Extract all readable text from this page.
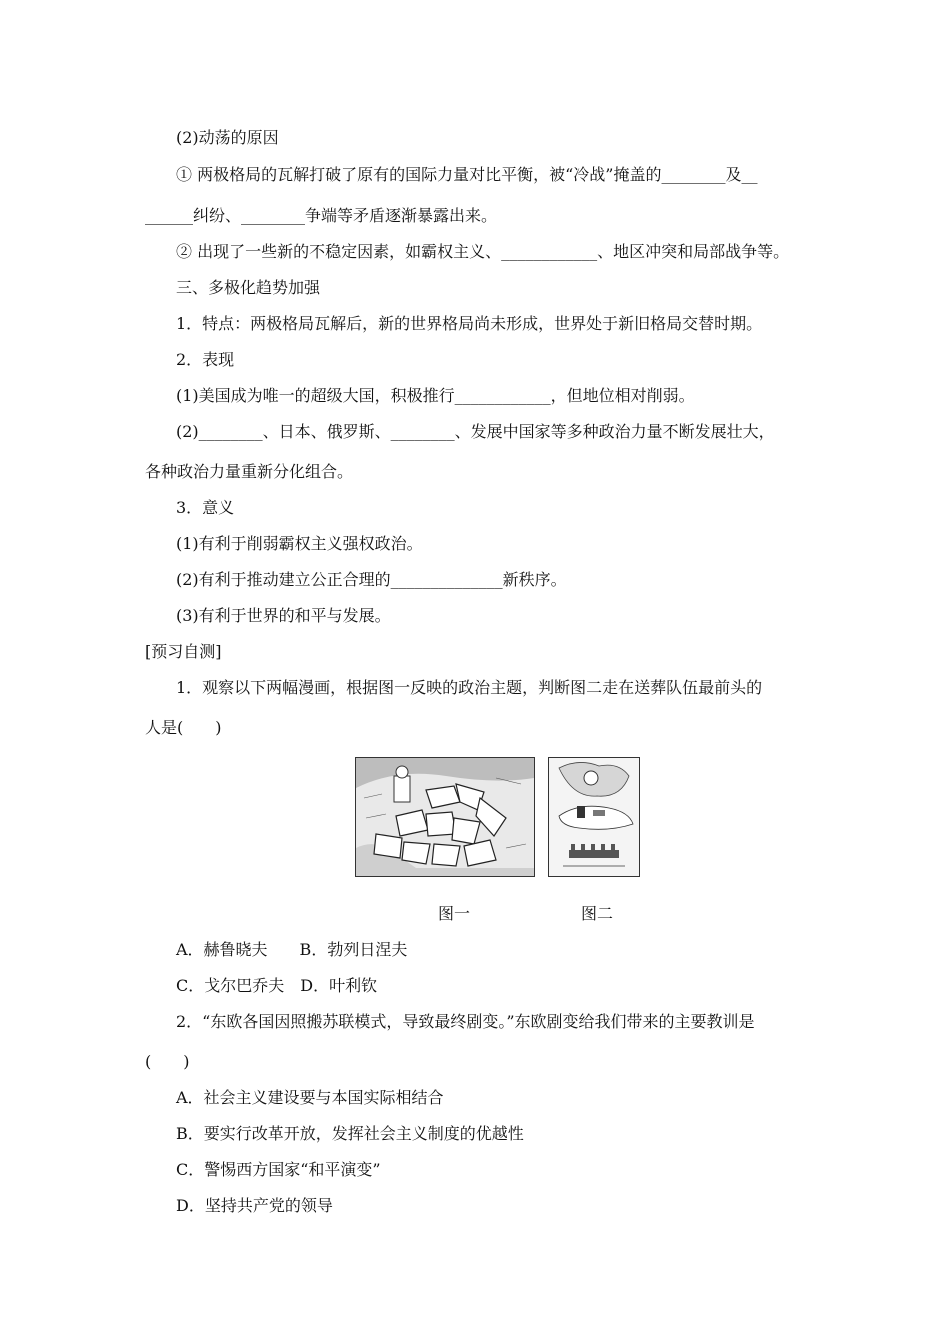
(2)动荡的原因
① 两极格局的瓦解打破了原有的国际力量对比平衡，被“冷战”掩盖的________及__
______纠纷、________争端等矛盾逐渐暴露出来。
② 出现了一些新的不稳定因素，如霸权主义、____________、地区冲突和局部战争等。
三、多极化趋势加强
1．特点：两极格局瓦解后，新的世界格局尚未形成，世界处于新旧格局交替时期。
2．表现
(1)美国成为唯一的超级大国，积极推行____________，但地位相对削弱。
(2)________、日本、俄罗斯、________、发展中国家等多种政治力量不断发展壮大，
各种政治力量重新分化组合。
3．意义
(1)有利于削弱霸权主义强权政治。
(2)有利于推动建立公正合理的______________新秩序。
(3)有利于世界的和平与发展。
[预习自测]
1．观察以下两幅漫画，根据图一反映的政治主题，判断图二走在送葬队伍最前头的
人是(　　)
图一	图二
A．赫鲁晓夫　　B．勃列日涅夫
C．戈尔巴乔夫　D．叶利钦
2．“东欧各国因照搬苏联模式，导致最终剧变。”东欧剧变给我们带来的主要教训是
(　　)
A．社会主义建设要与本国实际相结合
B．要实行改革开放，发挥社会主义制度的优越性
C．警惕西方国家“和平演变”
D．坚持共产党的领导
